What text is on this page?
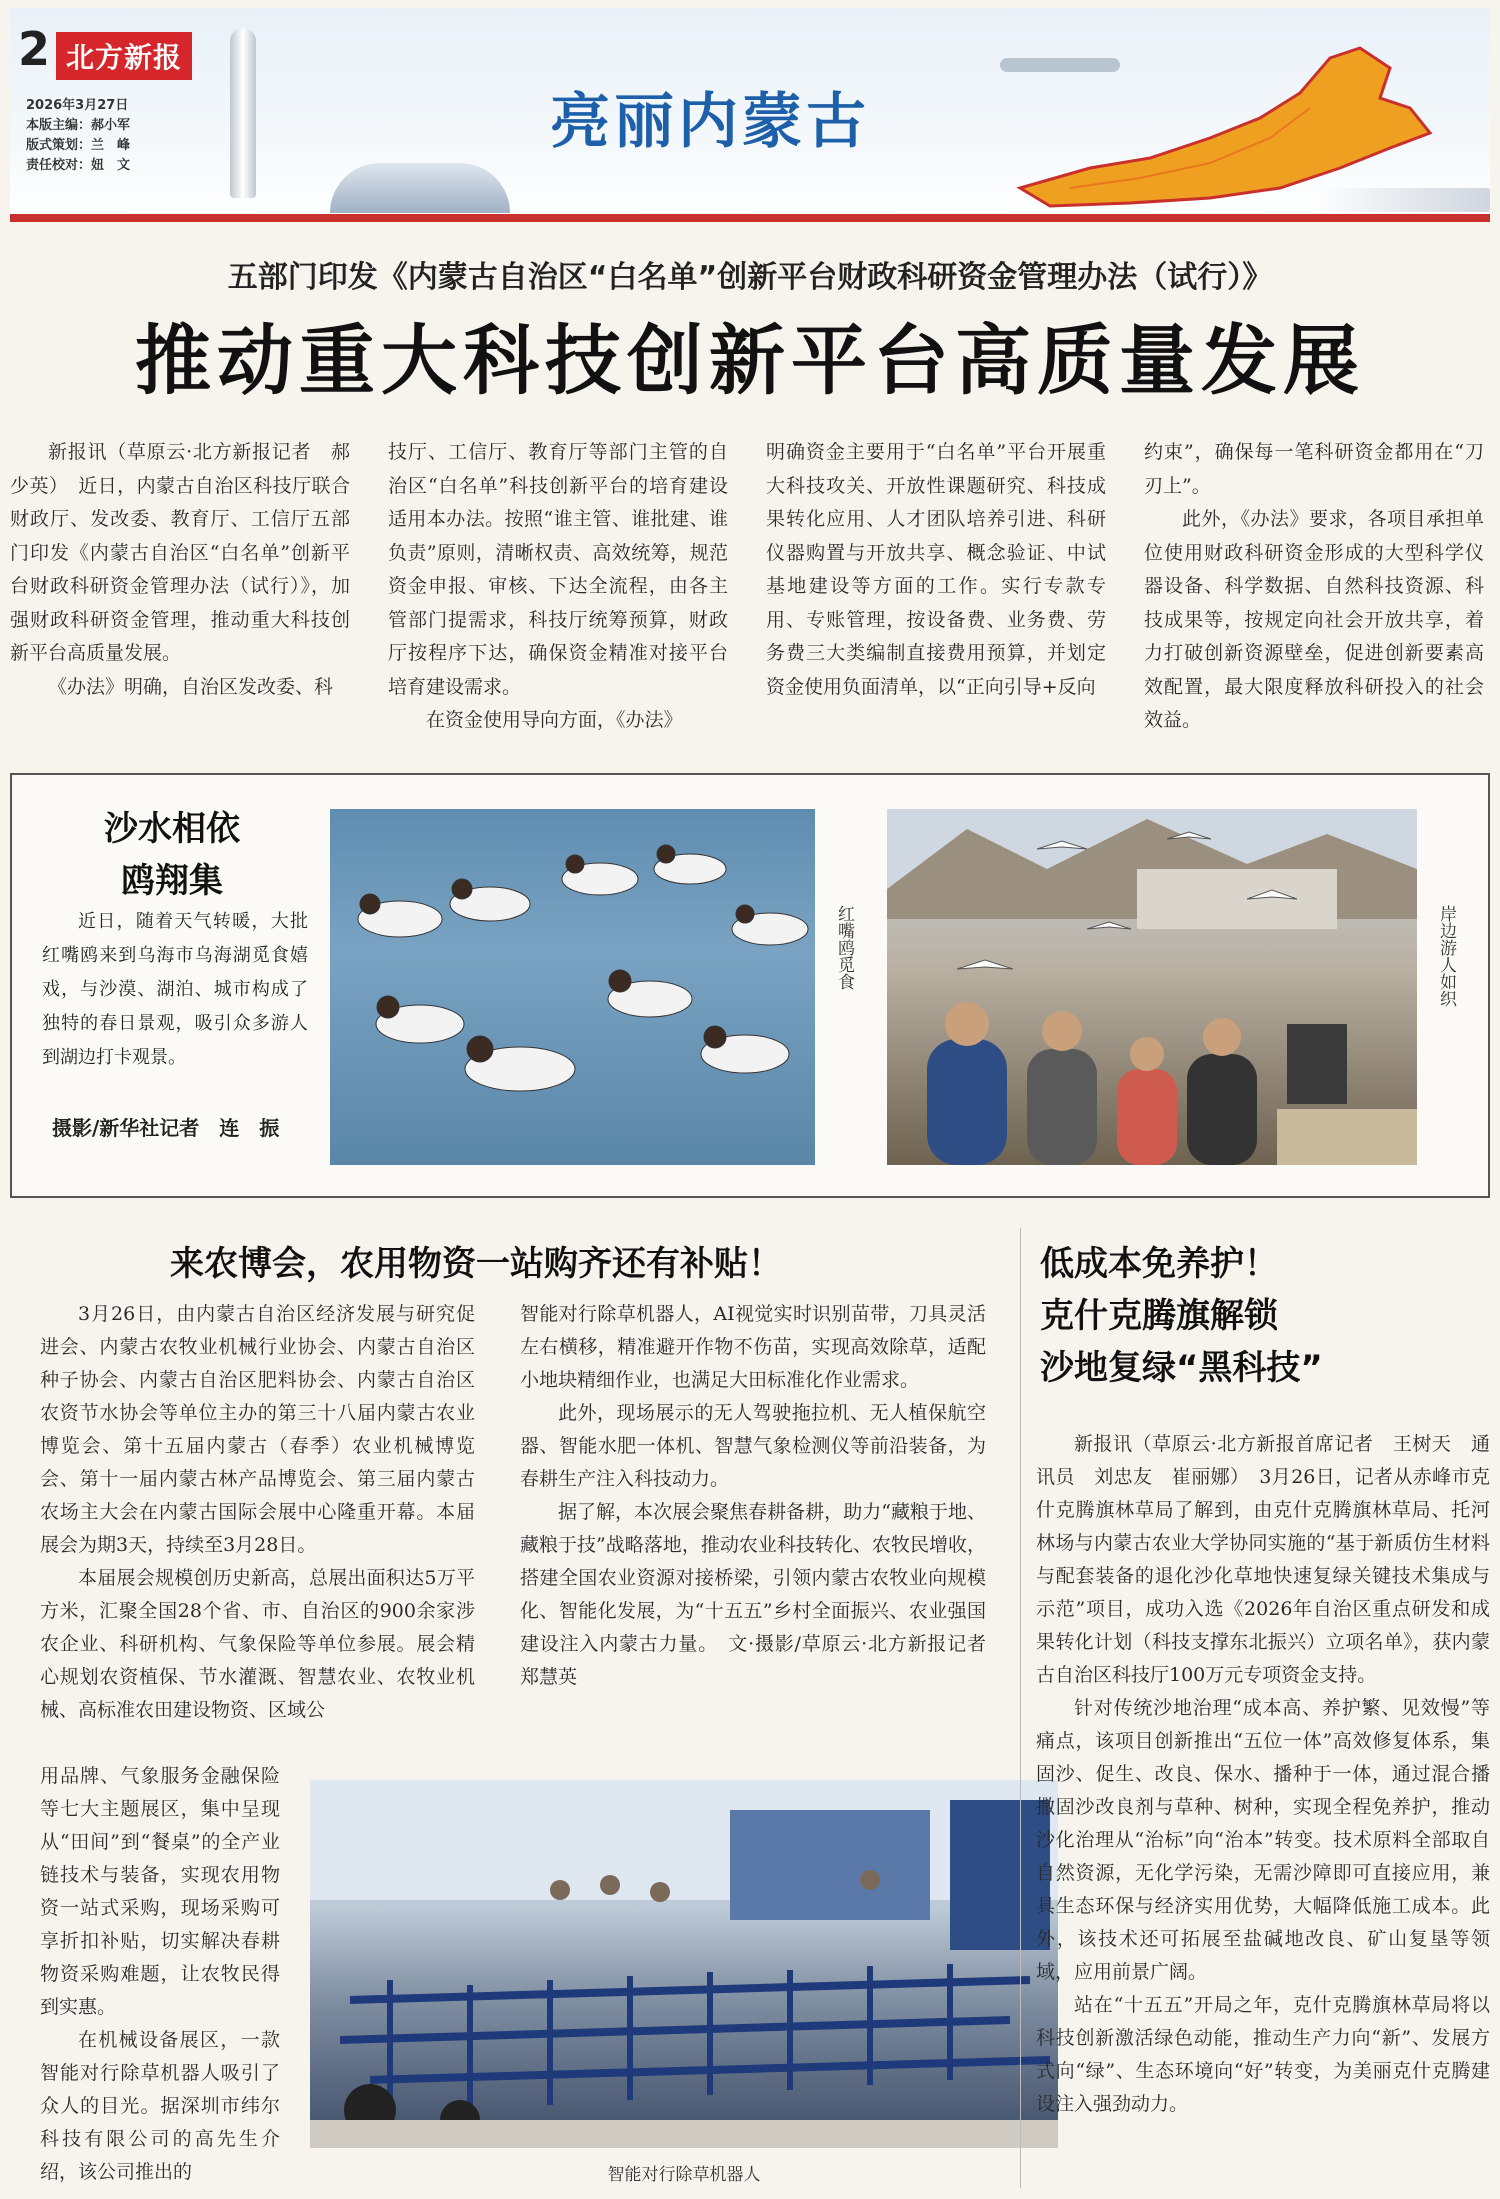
2 北方新报
2026年3月27日
本版主编：郝小军
版式策划：兰　峰
责任校对：妞　文
亮丽内蒙古
五部门印发《内蒙古自治区“白名单”创新平台财政科研资金管理办法（试行）》
推动重大科技创新平台高质量发展

新报讯（草原云·北方新报记者　郝少英）　近日，内蒙古自治区科技厅联合财政厅、发改委、教育厅、工信厅五部门印发《内蒙古自治区“白名单”创新平台财政科研资金管理办法（试行）》，加强财政科研资金管理，推动重大科技创新平台高质量发展。

《办法》明确，自治区发改委、科

技厅、工信厅、教育厅等部门主管的自治区“白名单”科技创新平台的培育建设适用本办法。按照“谁主管、谁批建、谁负责”原则，清晰权责、高效统筹，规范资金申报、审核、下达全流程，由各主管部门提需求，科技厅统筹预算，财政厅按程序下达，确保资金精准对接平台培育建设需求。

在资金使用导向方面，《办法》

明确资金主要用于“白名单”平台开展重大科技攻关、开放性课题研究、科技成果转化应用、人才团队培养引进、科研仪器购置与开放共享、概念验证、中试基地建设等方面的工作。实行专款专用、专账管理，按设备费、业务费、劳务费三大类编制直接费用预算，并划定资金使用负面清单，以“正向引导+反向

约束”，确保每一笔科研资金都用在“刀刃上”。

此外，《办法》要求，各项目承担单位使用财政科研资金形成的大型科学仪器设备、科学数据、自然科技资源、科技成果等，按规定向社会开放共享，着力打破创新资源壁垒，促进创新要素高效配置，最大限度释放科研投入的社会效益。

沙水相依
鸥翔集

近日，随着天气转暖，大批红嘴鸥来到乌海市乌海湖觅食嬉戏，与沙漠、湖泊、城市构成了独特的春日景观，吸引众多游人到湖边打卡观景。

摄影/新华社记者　连　振
红嘴鸥觅食	岸边游人如织
来农博会，农用物资一站购齐还有补贴！

3月26日，由内蒙古自治区经济发展与研究促进会、内蒙古农牧业机械行业协会、内蒙古自治区种子协会、内蒙古自治区肥料协会、内蒙古自治区农资节水协会等单位主办的第三十八届内蒙古农业博览会、第十五届内蒙古（春季）农业机械博览会、第十一届内蒙古林产品博览会、第三届内蒙古农场主大会在内蒙古国际会展中心隆重开幕。本届展会为期3天，持续至3月28日。

本届展会规模创历史新高，总展出面积达5万平方米，汇聚全国28个省、市、自治区的900余家涉农企业、科研机构、气象保险等单位参展。展会精心规划农资植保、节水灌溉、智慧农业、农牧业机械、高标准农田建设物资、区域公

用品牌、气象服务金融保险等七大主题展区，集中呈现从“田间”到“餐桌”的全产业链技术与装备，实现农用物资一站式采购，现场采购可享折扣补贴，切实解决春耕物资采购难题，让农牧民得到实惠。

在机械设备展区，一款智能对行除草机器人吸引了众人的目光。据深圳市纬尔科技有限公司的高先生介绍，该公司推出的

智能对行除草机器人，AI视觉实时识别苗带，刀具灵活左右横移，精准避开作物不伤苗，实现高效除草，适配小地块精细作业，也满足大田标准化作业需求。

此外，现场展示的无人驾驶拖拉机、无人植保航空器、智能水肥一体机、智慧气象检测仪等前沿装备，为春耕生产注入科技动力。

据了解，本次展会聚焦春耕备耕，助力“藏粮于地、藏粮于技”战略落地，推动农业科技转化、农牧民增收，搭建全国农业资源对接桥梁，引领内蒙古农牧业向规模化、智能化发展，为“十五五”乡村全面振兴、农业强国建设注入内蒙古力量。　文·摄影/草原云·北方新报记者　郑慧英

智能对行除草机器人
低成本免养护！
克什克腾旗解锁
沙地复绿“黑科技”

新报讯（草原云·北方新报首席记者　王树天　通讯员　刘忠友　崔丽娜）　3月26日，记者从赤峰市克什克腾旗林草局了解到，由克什克腾旗林草局、托河林场与内蒙古农业大学协同实施的“基于新质仿生材料与配套装备的退化沙化草地快速复绿关键技术集成与示范”项目，成功入选《2026年自治区重点研发和成果转化计划（科技支撑东北振兴）立项名单》，获内蒙古自治区科技厅100万元专项资金支持。

针对传统沙地治理“成本高、养护繁、见效慢”等痛点，该项目创新推出“五位一体”高效修复体系，集固沙、促生、改良、保水、播种于一体，通过混合播撒固沙改良剂与草种、树种，实现全程免养护，推动沙化治理从“治标”向“治本”转变。技术原料全部取自自然资源，无化学污染，无需沙障即可直接应用，兼具生态环保与经济实用优势，大幅降低施工成本。此外，该技术还可拓展至盐碱地改良、矿山复垦等领域，应用前景广阔。

站在“十五五”开局之年，克什克腾旗林草局将以科技创新激活绿色动能，推动生产力向“新”、发展方式向“绿”、生态环境向“好”转变，为美丽克什克腾建设注入强劲动力。
